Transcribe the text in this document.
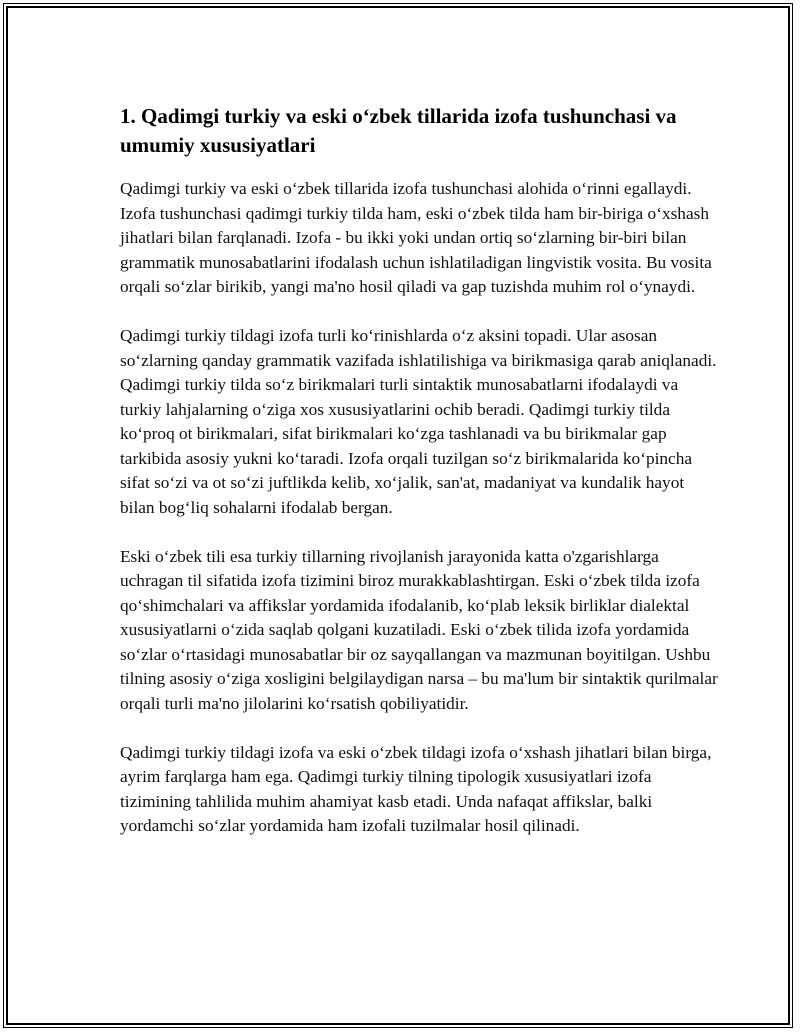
1. Qadimgi turkiy va eski o‘zbek tillarida izofa tushunchasi va umumiy xususiyatlari

Qadimgi turkiy va eski o‘zbek tillarida izofa tushunchasi alohida o‘rinni egallaydi. Izofa tushunchasi qadimgi turkiy tilda ham, eski o‘zbek tilda ham bir-biriga o‘xshash jihatlari bilan farqlanadi. Izofa - bu ikki yoki undan ortiq so‘zlarning bir-biri bilan grammatik munosabatlarini ifodalash uchun ishlatiladigan lingvistik vosita. Bu vosita orqali so‘zlar birikib, yangi ma'no hosil qiladi va gap tuzishda muhim rol o‘ynaydi.

Qadimgi turkiy tildagi izofa turli ko‘rinishlarda o‘z aksini topadi. Ular asosan so‘zlarning qanday grammatik vazifada ishlatilishiga va birikmasiga qarab aniqlanadi. Qadimgi turkiy tilda so‘z birikmalari turli sintaktik munosabatlarni ifodalaydi va turkiy lahjalarning o‘ziga xos xususiyatlarini ochib beradi. Qadimgi turkiy tilda ko‘proq ot birikmalari, sifat birikmalari ko‘zga tashlanadi va bu birikmalar gap tarkibida asosiy yukni ko‘taradi. Izofa orqali tuzilgan so‘z birikmalarida ko‘pincha sifat so‘zi va ot so‘zi juftlikda kelib, xo‘jalik, san'at, madaniyat va kundalik hayot bilan bog‘liq sohalarni ifodalab bergan.

Eski o‘zbek tili esa turkiy tillarning rivojlanish jarayonida katta o'zgarishlarga uchragan til sifatida izofa tizimini biroz murakkablashtirgan. Eski o‘zbek tilda izofa qo‘shimchalari va affikslar yordamida ifodalanib, ko‘plab leksik birliklar dialektal xususiyatlarni o‘zida saqlab qolgani kuzatiladi. Eski o‘zbek tilida izofa yordamida so‘zlar o‘rtasidagi munosabatlar bir oz sayqallangan va mazmunan boyitilgan. Ushbu tilning asosiy o‘ziga xosligini belgilaydigan narsa – bu ma'lum bir sintaktik qurilmalar orqali turli ma'no jilolarini ko‘rsatish qobiliyatidir.

Qadimgi turkiy tildagi izofa va eski o‘zbek tildagi izofa o‘xshash jihatlari bilan birga, ayrim farqlarga ham ega. Qadimgi turkiy tilning tipologik xususiyatlari izofa tizimining tahlilida muhim ahamiyat kasb etadi. Unda nafaqat affikslar, balki yordamchi so‘zlar yordamida ham izofali tuzilmalar hosil qilinadi.
